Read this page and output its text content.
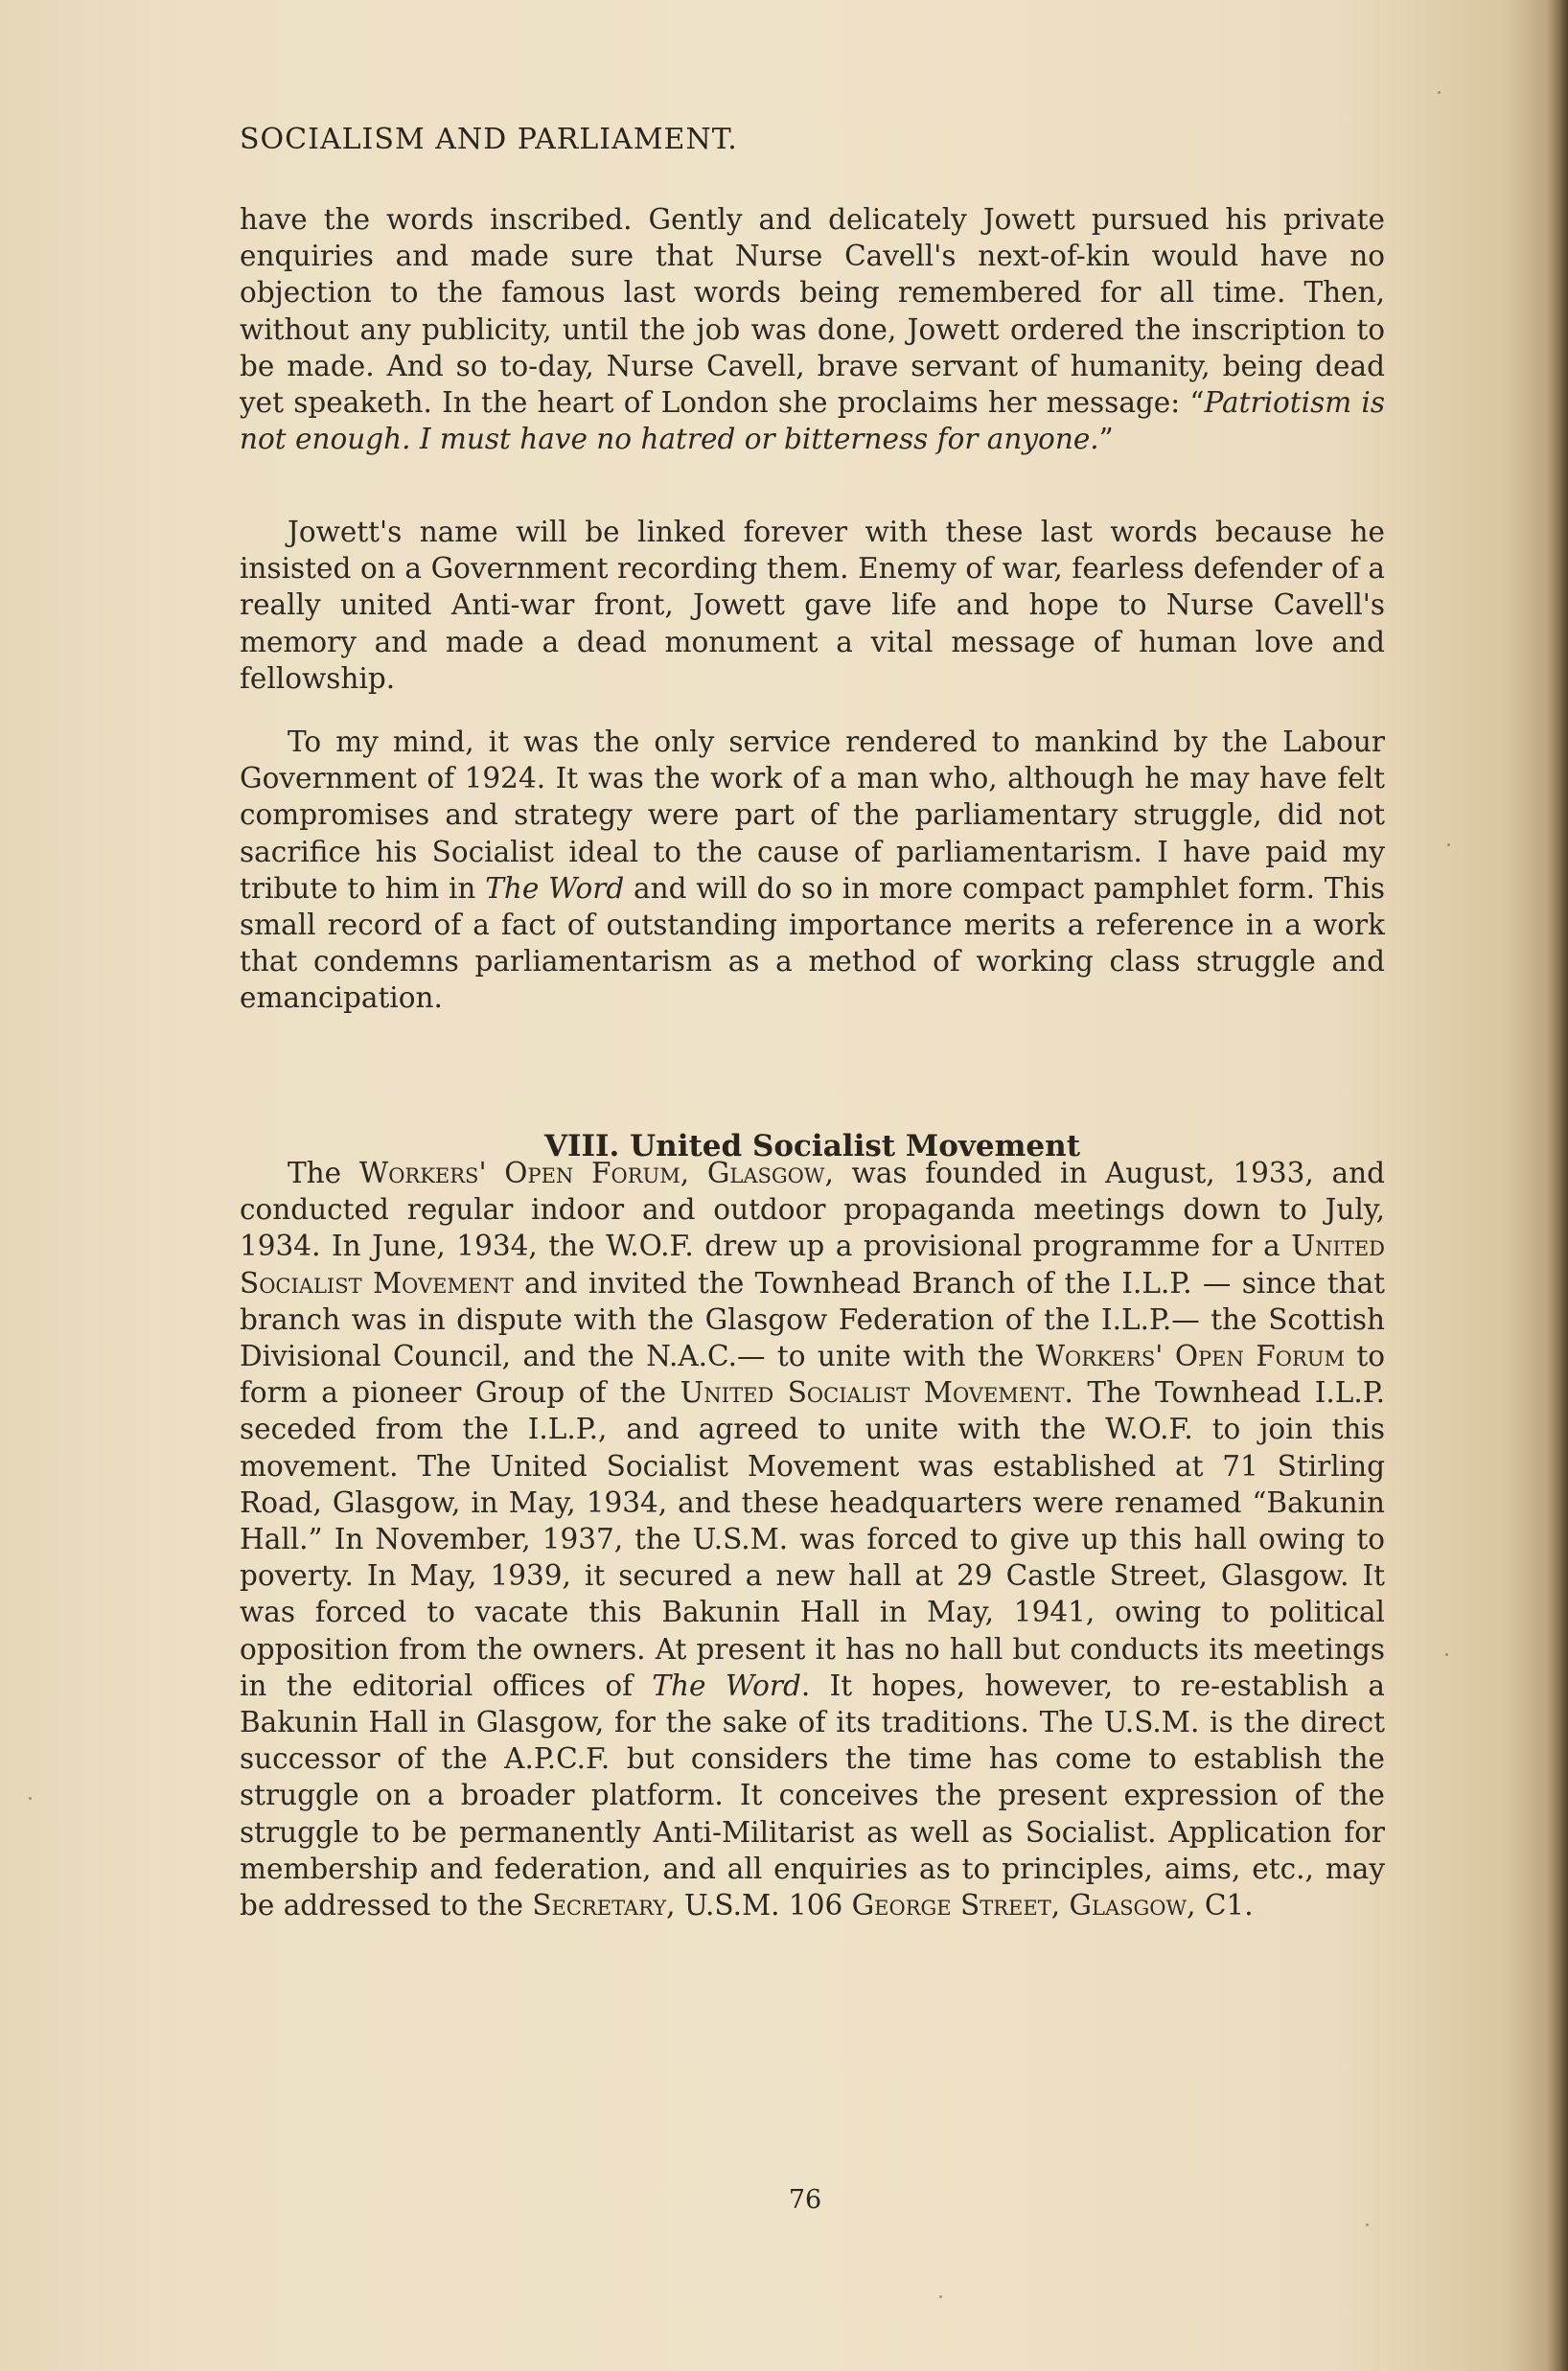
SOCIALISM AND PARLIAMENT.

have the words inscribed. Gently and delicately Jowett pursued his private enquiries and made sure that Nurse Cavell's next-of-kin would have no objection to the famous last words being remembered for all time. Then, without any publicity, until the job was done, Jowett ordered the inscription to be made. And so to-day, Nurse Cavell, brave servant of humanity, being dead yet speaketh. In the heart of London she proclaims her message: “Patriotism is not enough. I must have no hatred or bitterness for anyone.”

Jowett's name will be linked forever with these last words because he insisted on a Government recording them. Enemy of war, fearless defender of a really united Anti-war front, Jowett gave life and hope to Nurse Cavell's memory and made a dead monument a vital message of human love and fellowship.

To my mind, it was the only service rendered to mankind by the Labour Government of 1924. It was the work of a man who, although he may have felt compromises and strategy were part of the parliamentary struggle, did not sacrifice his Socialist ideal to the cause of parliamentarism. I have paid my tribute to him in The Word and will do so in more compact pamphlet form. This small record of a fact of outstanding importance merits a reference in a work that condemns parliamentarism as a method of working class struggle and emancipation.

VIII. United Socialist Movement

The Workers' Open Forum, Glasgow, was founded in August, 1933, and conducted regular indoor and outdoor propaganda meetings down to July, 1934. In June, 1934, the W.O.F. drew up a provisional programme for a United Socialist Movement and invited the Townhead Branch of the I.L.P. — since that branch was in dispute with the Glasgow Federation of the I.L.P.— the Scottish Divisional Council, and the N.A.C.— to unite with the Workers' Open Forum to form a pioneer Group of the United Socialist Movement. The Townhead I.L.P. seceded from the I.L.P., and agreed to unite with the W.O.F. to join this movement. The United Socialist Movement was established at 71 Stirling Road, Glasgow, in May, 1934, and these headquarters were renamed “Bakunin Hall.” In November, 1937, the U.S.M. was forced to give up this hall owing to poverty. In May, 1939, it secured a new hall at 29 Castle Street, Glasgow. It was forced to vacate this Bakunin Hall in May, 1941, owing to political opposition from the owners. At present it has no hall but conducts its meetings in the editorial offices of The Word. It hopes, however, to re-establish a Bakunin Hall in Glasgow, for the sake of its traditions. The U.S.M. is the direct successor of the A.P.C.F. but considers the time has come to establish the struggle on a broader platform. It conceives the present expression of the struggle to be permanently Anti-Militarist as well as Socialist. Application for membership and federation, and all enquiries as to principles, aims, etc., may be addressed to the Secretary, U.S.M. 106 George Street, Glasgow, C1.

76
